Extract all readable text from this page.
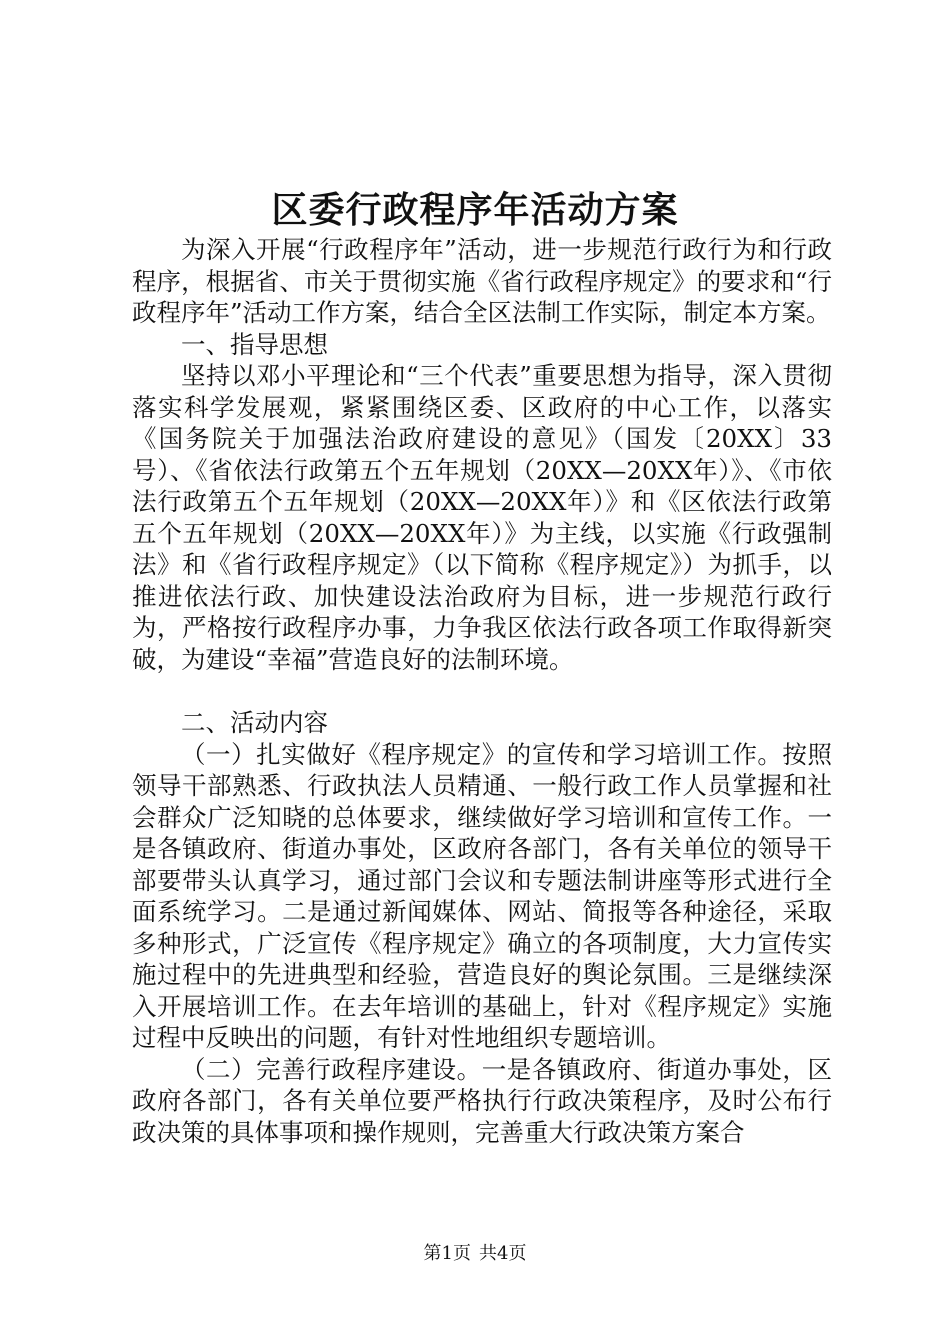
区委行政程序年活动方案

为深入开展“行政程序年”活动，进一步规范行政行为和行政程序，根据省、市关于贯彻实施《省行政程序规定》的要求和“行政程序年”活动工作方案，结合全区法制工作实际，制定本方案。

一、指导思想

坚持以邓小平理论和“三个代表”重要思想为指导，深入贯彻落实科学发展观，紧紧围绕区委、区政府的中心工作，以落实《国务院关于加强法治政府建设的意见》（国发〔20XX〕33号）、《省依法行政第五个五年规划（20XX—20XX年）》、《市依法行政第五个五年规划（20XX—20XX年）》和《区依法行政第五个五年规划（20XX—20XX年）》为主线，以实施《行政强制法》和《省行政程序规定》（以下简称《程序规定》）为抓手，以推进依法行政、加快建设法治政府为目标，进一步规范行政行为，严格按行政程序办事，力争我区依法行政各项工作取得新突破，为建设“幸福”营造良好的法制环境。

二、活动内容

（一）扎实做好《程序规定》的宣传和学习培训工作。按照领导干部熟悉、行政执法人员精通、一般行政工作人员掌握和社会群众广泛知晓的总体要求，继续做好学习培训和宣传工作。一是各镇政府、街道办事处，区政府各部门，各有关单位的领导干部要带头认真学习，通过部门会议和专题法制讲座等形式进行全面系统学习。二是通过新闻媒体、网站、简报等各种途径，采取多种形式，广泛宣传《程序规定》确立的各项制度，大力宣传实施过程中的先进典型和经验，营造良好的舆论氛围。三是继续深入开展培训工作。在去年培训的基础上，针对《程序规定》实施过程中反映出的问题，有针对性地组织专题培训。

（二）完善行政程序建设。一是各镇政府、街道办事处，区政府各部门，各有关单位要严格执行行政决策程序，及时公布行政决策的具体事项和操作规则，完善重大行政决策方案合

第1页 共4页
